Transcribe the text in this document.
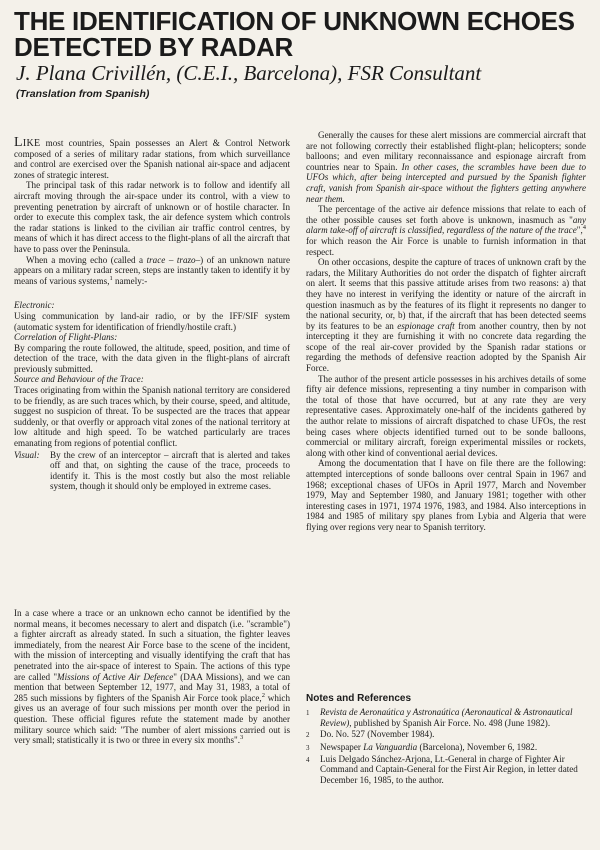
THE IDENTIFICATION OF UNKNOWN ECHOES DETECTED BY RADAR

J. Plana Crivillén, (C.E.I., Barcelona), FSR Consultant

(Translation from Spanish)

Like most countries, Spain possesses an Alert & Control Network composed of a series of military radar stations, from which surveillance and control are exercised over the Spanish national air-space and adjacent zones of strategic interest.

The principal task of this radar network is to follow and identify all aircraft moving through the air-space under its control, with a view to preventing penetration by aircraft of unknown or of hostile character. In order to execute this complex task, the air defence system which controls the radar stations is linked to the civilian air traffic control centres, by means of which it has direct access to the flight-plans of all the aircraft that have to pass over the Peninsula.

When a moving echo (called a trace – trazo–) of an unknown nature appears on a military radar screen, steps are instantly taken to identify it by means of various systems,$^1$ namely:-

Electronic:

Using communication by land-air radio, or by the IFF/SIF system (automatic system for identification of friendly/hostile craft.)

Correlation of Flight-Plans:

By comparing the route followed, the altitude, speed, position, and time of detection of the trace, with the data given in the flight-plans of aircraft previously submitted.

Source and Behaviour of the Trace:

Traces originating from within the Spanish national territory are considered to be friendly, as are such traces which, by their course, speed, and altitude, suggest no suspicion of threat. To be suspected are the traces that appear suddenly, or that overfly or approach vital zones of the national territory at low altitude and high speed. To be watched particularly are traces emanating from regions of potential conflict.

Visual:	By the crew of an interceptor – aircraft that is alerted and takes off and that, on sighting the cause of the trace, proceeds to identify it. This is the most costly but also the most reliable system, though it should only be employed in extreme cases.

In a case where a trace or an unknown echo cannot be identified by the normal means, it becomes necessary to alert and dispatch (i.e. "scramble") a fighter aircraft as already stated. In such a situation, the fighter leaves immediately, from the nearest Air Force base to the scene of the incident, with the mission of intercepting and visually identifying the craft that has penetrated into the air-space of interest to Spain. The actions of this type are called "Missions of Active Air Defence" (DAA Missions), and we can mention that between September 12, 1977, and May 31, 1983, a total of 285 such missions by fighters of the Spanish Air Force took place,$^2$ which gives us an average of four such missions per month over the period in question. These official figures refute the statement made by another military source which said: "The number of alert missions carried out is very small; statistically it is two or three in every six months".$^3$

Generally the causes for these alert missions are commercial aircraft that are not following correctly their established flight-plan; helicopters; sonde balloons; and even military reconnaissance and espionage aircraft from countries near to Spain. In other cases, the scrambles have been due to UFOs which, after being intercepted and pursued by the Spanish fighter craft, vanish from Spanish air-space without the fighters getting anywhere near them.

The percentage of the active air defence missions that relate to each of the other possible causes set forth above is unknown, inasmuch as "any alarm take-off of aircraft is classified, regardless of the nature of the trace",$^4$ for which reason the Air Force is unable to furnish information in that respect.

On other occasions, despite the capture of traces of unknown craft by the radars, the Military Authorities do not order the dispatch of fighter aircraft on alert. It seems that this passive attitude arises from two reasons: a) that they have no interest in verifying the identity or nature of the aircraft in question inasmuch as by the features of its flight it represents no danger to the national security, or, b) that, if the aircraft that has been detected seems by its features to be an espionage craft from another country, then by not intercepting it they are furnishing it with no concrete data regarding the scope of the real air-cover provided by the Spanish radar stations or regarding the methods of defensive reaction adopted by the Spanish Air Force.

The author of the present article possesses in his archives details of some fifty air defence missions, representing a tiny number in comparison with the total of those that have occurred, but at any rate they are very representative cases. Approximately one-half of the incidents gathered by the author relate to missions of aircraft dispatched to chase UFOs, the rest being cases where objects identified turned out to be sonde balloons, commercial or military aircraft, foreign experimental missiles or rockets, along with other kind of conventional aerial devices.

Among the documentation that I have on file there are the following: attempted interceptions of sonde balloons over central Spain in 1967 and 1968; exceptional chases of UFOs in April 1977, March and November 1979, May and September 1980, and January 1981; together with other interesting cases in 1971, 1974 1976, 1983, and 1984. Also interceptions in 1984 and 1985 of military spy planes from Lybia and Algeria that were flying over regions very near to Spanish territory.

Notes and References
1	Revista de Aeronaútica y Astronaútica (Aeronautical & Astronautical Review), published by Spanish Air Force. No. 498 (June 1982).
2	Do. No. 527 (November 1984).
3	Newspaper La Vanguardia (Barcelona), November 6, 1982.
4	Luis Delgado Sánchez-Arjona, Lt.-General in charge of Fighter Air Command and Captain-General for the First Air Region, in letter dated December 16, 1985, to the author.
